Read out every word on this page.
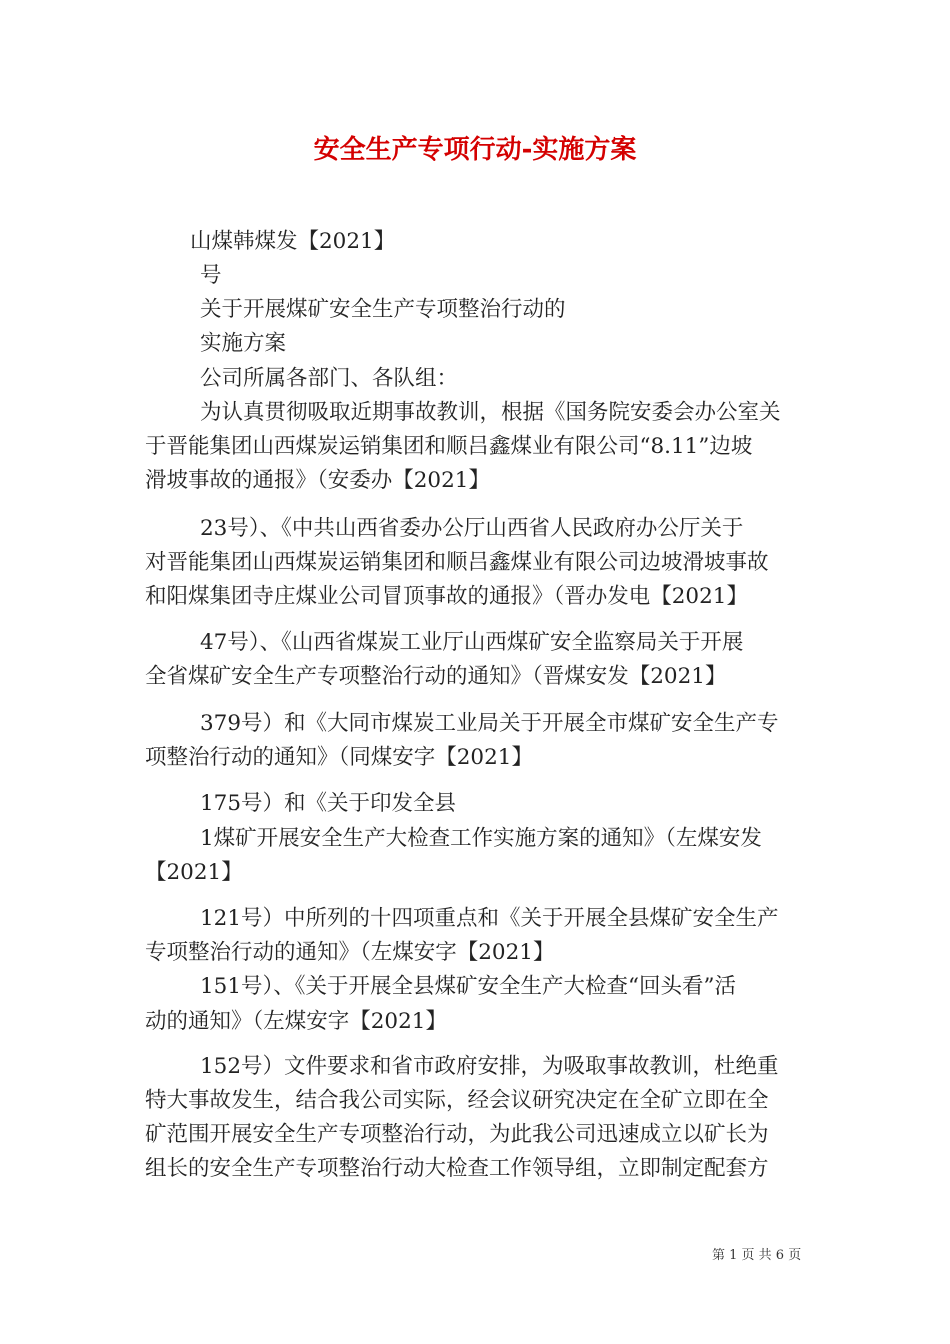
安全生产专项行动-实施方案
山煤韩煤发【2021】
号
关于开展煤矿安全生产专项整治行动的
实施方案
公司所属各部门、各队组：
为认真贯彻吸取近期事故教训，根据《国务院安委会办公室关
于晋能集团山西煤炭运销集团和顺吕鑫煤业有限公司“8.11”边坡
滑坡事故的通报》（安委办【2021】
23号）、《中共山西省委办公厅山西省人民政府办公厅关于
对晋能集团山西煤炭运销集团和顺吕鑫煤业有限公司边坡滑坡事故
和阳煤集团寺庄煤业公司冒顶事故的通报》（晋办发电【2021】
47号）、《山西省煤炭工业厅山西煤矿安全监察局关于开展
全省煤矿安全生产专项整治行动的通知》（晋煤安发【2021】
379号）和《大同市煤炭工业局关于开展全市煤矿安全生产专
项整治行动的通知》（同煤安字【2021】
175号）和《关于印发全县
1煤矿开展安全生产大检查工作实施方案的通知》（左煤安发
【2021】
121号）中所列的十四项重点和《关于开展全县煤矿安全生产
专项整治行动的通知》（左煤安字【2021】
151号）、《关于开展全县煤矿安全生产大检查“回头看”活
动的通知》（左煤安字【2021】
152号）文件要求和省市政府安排，为吸取事故教训，杜绝重
特大事故发生，结合我公司实际，经会议研究决定在全矿立即在全
矿范围开展安全生产专项整治行动，为此我公司迅速成立以矿长为
组长的安全生产专项整治行动大检查工作领导组，立即制定配套方
第 1 页 共 6 页
